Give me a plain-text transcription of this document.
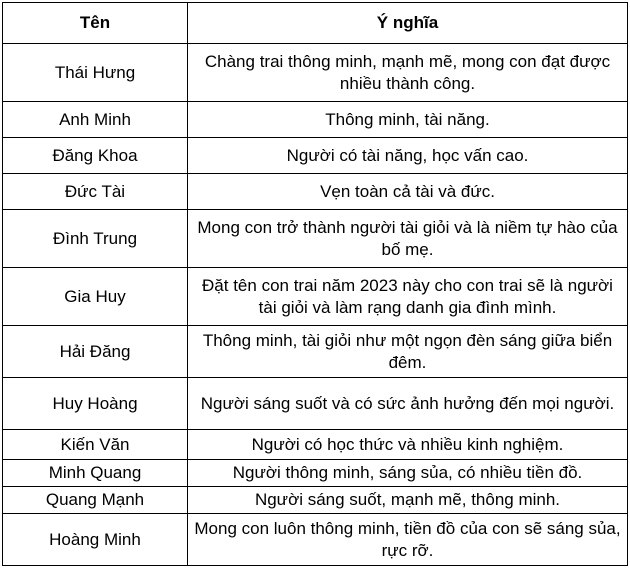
Tên	Ý nghĩa
Thái Hưng	Chàng trai thông minh, mạnh mẽ, mong con đạt được nhiều thành công.
Anh Minh	Thông minh, tài năng.
Đăng Khoa	Người có tài năng, học vấn cao.
Đức Tài	Vẹn toàn cả tài và đức.
Đình Trung	Mong con trở thành người tài giỏi và là niềm tự hào của bố mẹ.
Gia Huy	Đặt tên con trai năm 2023 này cho con trai sẽ là người tài giỏi và làm rạng danh gia đình mình.
Hải Đăng	Thông minh, tài giỏi như một ngọn đèn sáng giữa biển đêm.
Huy Hoàng	Người sáng suốt và có sức ảnh hưởng đến mọi người.
Kiến Văn	Người có học thức và nhiều kinh nghiệm.
Minh Quang	Người thông minh, sáng sủa, có nhiều tiền đồ.
Quang Mạnh	Người sáng suốt, mạnh mẽ, thông minh.
Hoàng Minh	Mong con luôn thông minh, tiền đồ của con sẽ sáng sủa, rực rỡ.
